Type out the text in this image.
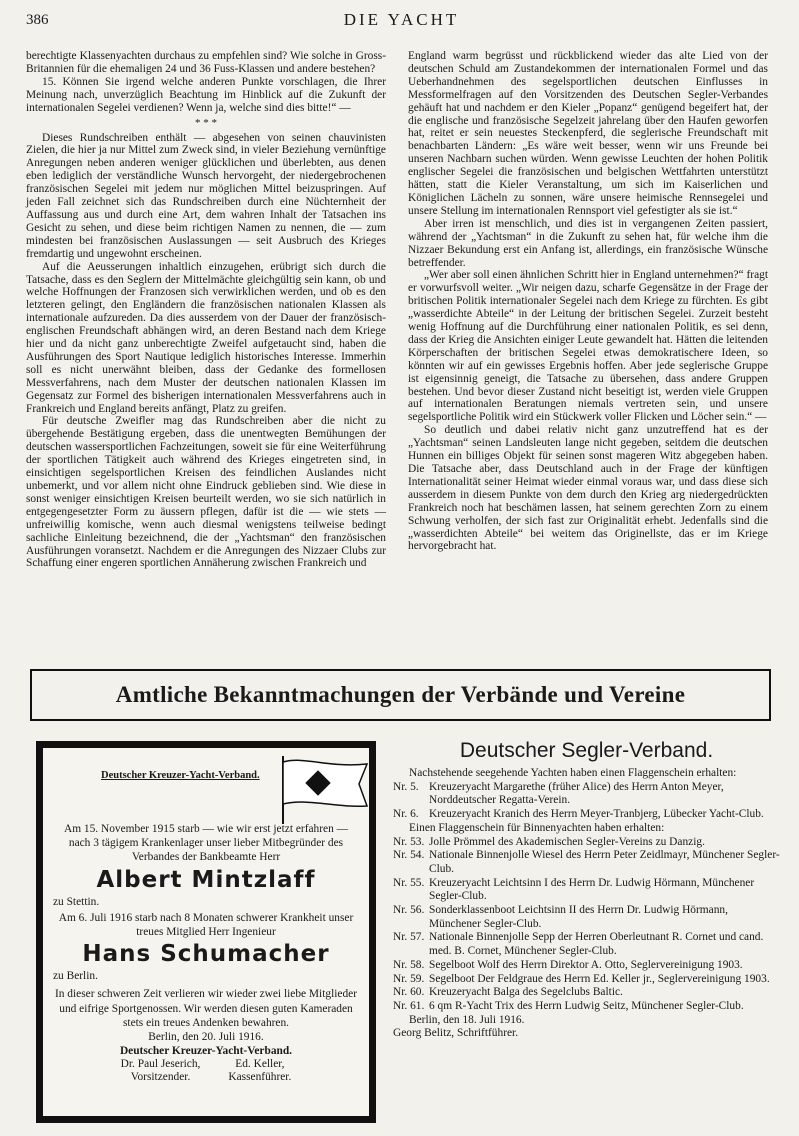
386	DIE YACHT

berechtigte Klassenyachten durchaus zu empfehlen sind? Wie solche in Gross-Britannien für die ehemaligen 24 und 36 Fuss-Klassen und andere bestehen?

15. Können Sie irgend welche anderen Punkte vorschlagen, die Ihrer Meinung nach, unverzüglich Beachtung im Hinblick auf die Zukunft der internationalen Segelei verdienen? Wenn ja, welche sind dies bitte!“ —

* * *

Dieses Rundschreiben enthält — abgesehen von seinen chauvinisten Zielen, die hier ja nur Mittel zum Zweck sind, in vieler Beziehung vernünftige Anregungen neben anderen weniger glücklichen und überlebten, aus denen eben lediglich der verständliche Wunsch hervorgeht, der niedergebrochenen französischen Segelei mit jedem nur möglichen Mittel beizuspringen. Auf jeden Fall zeichnet sich das Rundschreiben durch eine Nüchternheit der Auffassung aus und durch eine Art, dem wahren Inhalt der Tatsachen ins Gesicht zu sehen, und diese beim richtigen Namen zu nennen, die — zum mindesten bei französischen Auslassungen — seit Ausbruch des Krieges fremdartig und ungewohnt erscheinen.

Auf die Aeusserungen inhaltlich einzugehen, erübrigt sich durch die Tatsache, dass es den Seglern der Mittelmächte gleichgültig sein kann, ob und welche Hoffnungen der Franzosen sich verwirklichen werden, und ob es den letzteren gelingt, den Engländern die französischen nationalen Klassen als internationale aufzureden. Da dies ausserdem von der Dauer der französisch-englischen Freundschaft abhängen wird, an deren Bestand nach dem Kriege hier und da nicht ganz unberechtigte Zweifel aufgetaucht sind, haben die Ausführungen des Sport Nautique lediglich historisches Interesse. Immerhin soll es nicht unerwähnt bleiben, dass der Gedanke des formellosen Messverfahrens, nach dem Muster der deutschen nationalen Klassen im Gegensatz zur Formel des bisherigen internationalen Messverfahrens auch in Frankreich und England bereits anfängt, Platz zu greifen.

Für deutsche Zweifler mag das Rundschreiben aber die nicht zu übergehende Bestätigung ergeben, dass die unentwegten Bemühungen der deutschen wassersportlichen Fachzeitungen, soweit sie für eine Weiterführung der sportlichen Tätigkeit auch während des Krieges eingetreten sind, in einsichtigen segelsportlichen Kreisen des feindlichen Auslandes nicht unbemerkt, und vor allem nicht ohne Eindruck geblieben sind. Wie diese in sonst weniger einsichtigen Kreisen beurteilt werden, wo sie sich natürlich in entgegengesetzter Form zu äussern pflegen, dafür ist die — wie stets — unfreiwillig komische, wenn auch diesmal wenigstens teilweise bedingt sachliche Einleitung bezeichnend, die der „Yachtsman“ den französischen Ausführungen voransetzt. Nachdem er die Anregungen des Nizzaer Clubs zur Schaffung einer engeren sportlichen Annäherung zwischen Frankreich und

England warm begrüsst und rückblickend wieder das alte Lied von der deutschen Schuld am Zustandekommen der internationalen Formel und das Ueberhandnehmen des segelsportlichen deutschen Einflusses in Messformelfragen auf den Vorsitzenden des Deutschen Segler-Verbandes gehäuft hat und nachdem er den Kieler „Popanz“ genügend begeifert hat, der die englische und französische Segelzeit jahrelang über den Haufen geworfen hat, reitet er sein neuestes Steckenpferd, die seglerische Freundschaft mit benachbarten Ländern: „Es wäre weit besser, wenn wir uns Freunde bei unseren Nachbarn suchen würden. Wenn gewisse Leuchten der hohen Politik englischer Segelei die französischen und belgischen Wettfahrten unterstützt hätten, statt die Kieler Veranstaltung, um sich im Kaiserlichen und Königlichen Lächeln zu sonnen, wäre unsere heimische Rennsegelei und unsere Stellung im internationalen Rennsport viel gefestigter als sie ist.“

Aber irren ist menschlich, und dies ist in vergangenen Zeiten passiert, während der „Yachtsman“ in die Zukunft zu sehen hat, für welche ihm die Nizzaer Bekundung erst ein Anfang ist, allerdings, ein französische Wünsche betreffender.

„Wer aber soll einen ähnlichen Schritt hier in England unternehmen?“ fragt er vorwurfsvoll weiter. „Wir neigen dazu, scharfe Gegensätze in der Frage der britischen Politik internationaler Segelei nach dem Kriege zu fürchten. Es gibt „wasserdichte Abteile“ in der Leitung der britischen Segelei. Zurzeit besteht wenig Hoffnung auf die Durchführung einer nationalen Politik, es sei denn, dass der Krieg die Ansichten einiger Leute gewandelt hat. Hätten die leitenden Körperschaften der britischen Segelei etwas demokratischere Ideen, so könnten wir auf ein gewisses Ergebnis hoffen. Aber jede seglerische Gruppe ist eigensinnig geneigt, die Tatsache zu übersehen, dass andere Gruppen bestehen. Und bevor dieser Zustand nicht beseitigt ist, werden viele Gruppen auf internationalen Beratungen niemals vertreten sein, und unsere segelsportliche Politik wird ein Stückwerk voller Flicken und Löcher sein.“ —

So deutlich und dabei relativ nicht ganz unzutreffend hat es der „Yachtsman“ seinen Landsleuten lange nicht gegeben, seitdem die deutschen Hunnen ein billiges Objekt für seinen sonst mageren Witz abgegeben haben. Die Tatsache aber, dass Deutschland auch in der Frage der künftigen Internationalität seiner Heimat wieder einmal voraus war, und dass diese sich ausserdem in diesem Punkte von dem durch den Krieg arg niedergedrückten Frankreich noch hat beschämen lassen, hat seinem gerechten Zorn zu einem Schwung verholfen, der sich fast zur Originalität erhebt. Jedenfalls sind die „wasserdichten Abteile“ bei weitem das Originellste, das er im Kriege hervorgebracht hat.

Amtliche Bekanntmachungen der Verbände und Vereine
Deutscher Kreuzer-Yacht-Verband.
Am 15. November 1915 starb — wie wir erst jetzt erfahren — nach 3 tägigem Krankenlager unser lieber Mitbegründer des Verbandes der Bankbeamte Herr
Albert Mintzlaff
zu Stettin.
Am 6. Juli 1916 starb nach 8 Monaten schwerer Krankheit unser treues Mitglied Herr Ingenieur
Hans Schumacher
zu Berlin.
In dieser schweren Zeit verlieren wir wieder zwei liebe Mitglieder und eifrige Sportgenossen. Wir werden diesen guten Kameraden stets ein treues Andenken bewahren.
Berlin, den 20. Juli 1916.
Deutscher Kreuzer-Yacht-Verband.
Dr. Paul Jeserich,
Vorsitzender.
Ed. Keller,
Kassenführer.
Deutscher Segler-Verband.

Nachstehende seegehende Yachten haben einen Flaggenschein erhalten:

Nr. 5. Kreuzeryacht Margarethe (früher Alice) des Herrn Anton Meyer, Norddeutscher Regatta-Verein.
Nr. 6. Kreuzeryacht Kranich des Herrn Meyer-Tranbjerg, Lübecker Yacht-Club.

Einen Flaggenschein für Binnenyachten haben erhalten:

Nr. 53. Jolle Prömmel des Akademischen Segler-Vereins zu Danzig.
Nr. 54. Nationale Binnenjolle Wiesel des Herrn Peter Zeidlmayr, Münchener Segler-Club.
Nr. 55. Kreuzeryacht Leichtsinn I des Herrn Dr. Ludwig Hörmann, Münchener Segler-Club.
Nr. 56. Sonderklassenboot Leichtsinn II des Herrn Dr. Ludwig Hörmann, Münchener Segler-Club.
Nr. 57. Nationale Binnenjolle Sepp der Herren Oberleutnant R. Cornet und cand. med. B. Cornet, Münchener Segler-Club.
Nr. 58. Segelboot Wolf des Herrn Direktor A. Otto, Seglervereinigung 1903.
Nr. 59. Segelboot Der Feldgraue des Herrn Ed. Keller jr., Seglervereinigung 1903.
Nr. 60. Kreuzeryacht Balga des Segelclubs Baltic.
Nr. 61. 6 qm R-Yacht Trix des Herrn Ludwig Seitz, Münchener Segler-Club.

Berlin, den 18. Juli 1916.

Georg Belitz, Schriftführer.
